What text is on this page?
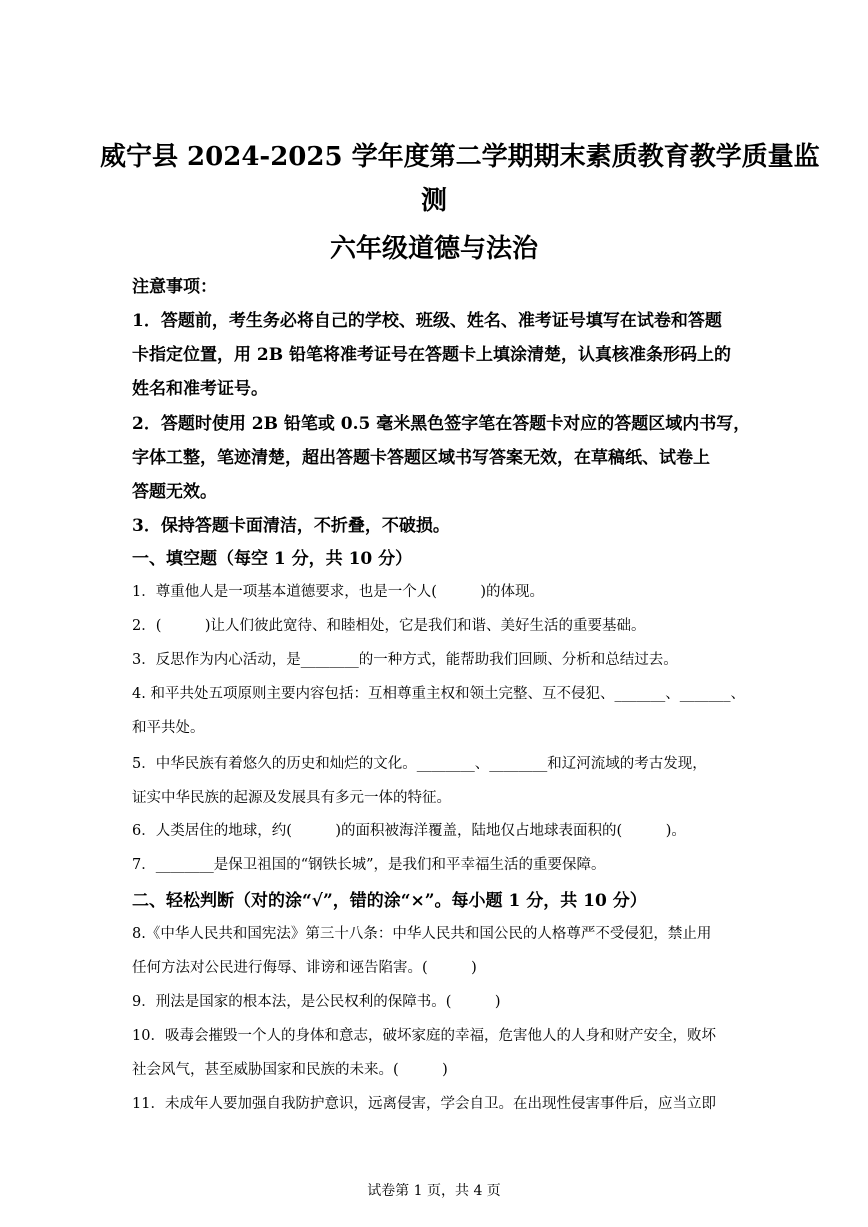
威宁县 2024-2025 学年度第二学期期末素质教育教学质量监
测
六年级道德与法治
注意事项：
1．答题前，考生务必将自己的学校、班级、姓名、准考证号填写在试卷和答题
卡指定位置，用 2B 铅笔将准考证号在答题卡上填涂清楚，认真核准条形码上的
姓名和准考证号。
2．答题时使用 2B 铅笔或 0.5 毫米黑色签字笔在答题卡对应的答题区域内书写，
字体工整，笔迹清楚，超出答题卡答题区域书写答案无效，在草稿纸、试卷上
答题无效。
3．保持答题卡面清洁，不折叠，不破损。
一、填空题（每空 1 分，共 10 分）
1．尊重他人是一项基本道德要求，也是一个人(　　　)的体现。
2．(　　　)让人们彼此宽待、和睦相处，它是我们和谐、美好生活的重要基础。
3．反思作为内心活动，是________的一种方式，能帮助我们回顾、分析和总结过去。
4. 和平共处五项原则主要内容包括：互相尊重主权和领土完整、互不侵犯、_______、_______、
和平共处。
5．中华民族有着悠久的历史和灿烂的文化。________、________和辽河流域的考古发现，
证实中华民族的起源及发展具有多元一体的特征。
6．人类居住的地球，约(　　　)的面积被海洋覆盖，陆地仅占地球表面积的(　　　)。
7．________是保卫祖国的“钢铁长城”，是我们和平幸福生活的重要保障。
二、轻松判断（对的涂“√”，错的涂“×”。每小题 1 分，共 10 分）
8.《中华人民共和国宪法》第三十八条：中华人民共和国公民的人格尊严不受侵犯，禁止用
任何方法对公民进行侮辱、诽谤和诬告陷害。(　　　)
9．刑法是国家的根本法，是公民权利的保障书。(　　　)
10．吸毒会摧毁一个人的身体和意志，破坏家庭的幸福，危害他人的人身和财产安全，败坏
社会风气，甚至威胁国家和民族的未来。(　　　)
11．未成年人要加强自我防护意识，远离侵害，学会自卫。在出现性侵害事件后，应当立即
试卷第 1 页，共 4 页
